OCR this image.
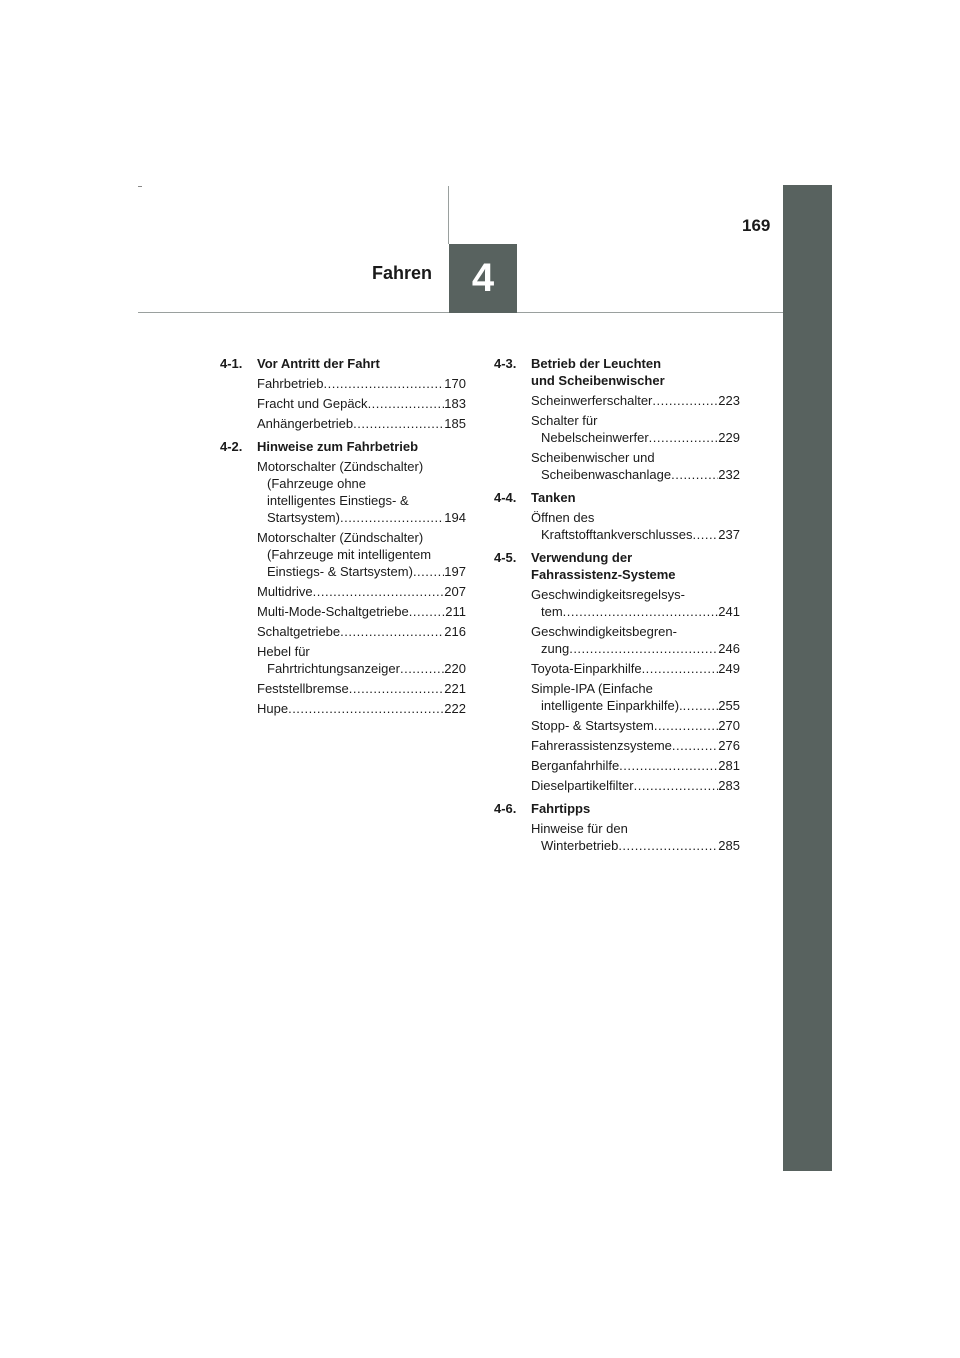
169
Fahren 4
4-1. Vor Antritt der Fahrt
Fahrbetrieb .....	170
Fracht und Gepäck .....	183
Anhängerbetrieb .....	185
4-2. Hinweise zum Fahrbetrieb
Motorschalter (Zündschalter)
(Fahrzeuge ohne
intelligentes Einstiegs- &
Startsystem) .....	194
Motorschalter (Zündschalter)
(Fahrzeuge mit intelligentem
Einstiegs- & Startsystem) ..... 197
Multidrive .....	207
Multi-Mode-Schaltgetriebe .....	211
Schaltgetriebe .....	216
Hebel für
Fahrtrichtungsanzeiger .....	220
Feststellbremse .....	221
Hupe .....	222
4-3. Betrieb der Leuchten
und Scheibenwischer
Scheinwerferschalter .....	223
Schalter für
Nebelscheinwerfer .....	229
Scheibenwischer und
Scheibenwaschanlage .....	232
4-4. Tanken
Öffnen des
Kraftstofftankverschlusses ..... 237
4-5. Verwendung der
Fahrassistenz-Systeme
Geschwindigkeitsregelsys-
tem .....	241
Geschwindigkeitsbegren-
zung .....	246
Toyota-Einparkhilfe .....	249
Simple-IPA (Einfache
intelligente Einparkhilfe). .....	255
Stopp- & Startsystem .....	270
Fahrerassistenzsysteme .....	276
Berganfahrhilfe .....	281
Dieselpartikelfilter .....	283
4-6. Fahrtipps
Hinweise für den
Winterbetrieb .....	285
